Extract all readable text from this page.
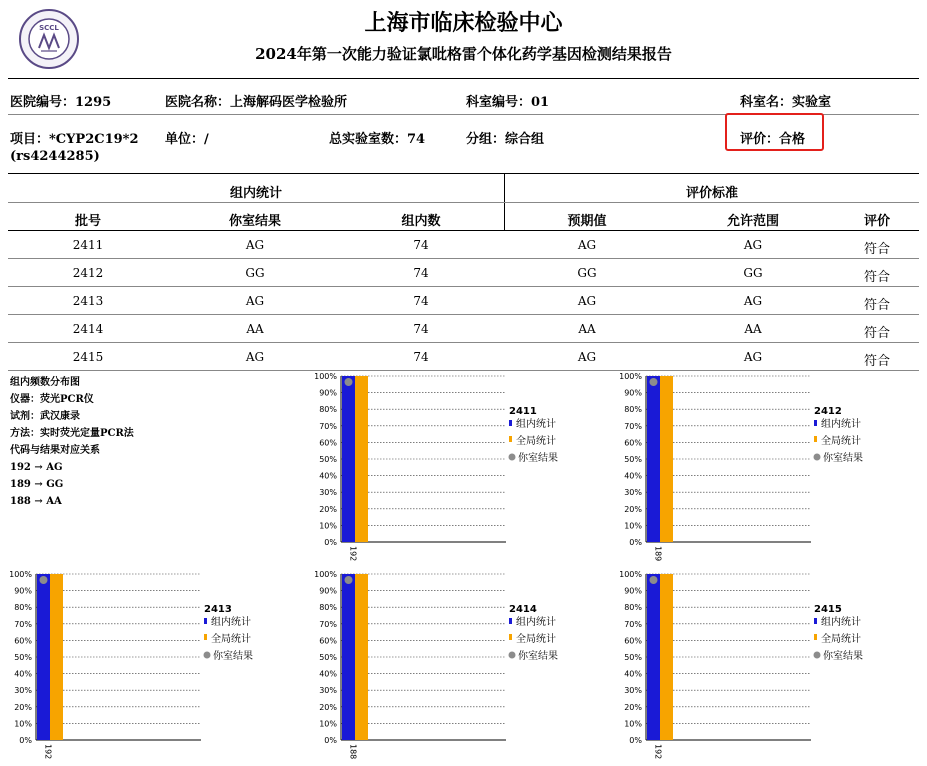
SCCL	上海市临床检验中心
2024年第一次能力验证氯吡格雷个体化药学基因检测结果报告
医院编号：1295	医院名称：上海解码医学检验所	科室编号：01	科室名：实验室
项目：*CYP2C19*2
(rs4244285)
单位：/	总实验室数：74	分组：综合组	评价：合格
组内统计	评价标准
批号	你室结果	组内数	预期值	允许范围	评价
2411	AG	74	AG	AG	符合
2412	GG	74	GG	GG	符合
2413	AG	74	AG	AG	符合
2414	AA	74	AA	AA	符合
2415	AG	74	AG	AG	符合
组内频数分布图
仪器：荧光PCR仪
试剂：武汉康录
方法：实时荧光定量PCR法
代码与结果对应关系
192 → AG
189 → GG
188 → AA
0%
10%
20%
30%
40%
50%
60%
70%
80%
90%
100%
192
2411
组内统计
全局统计
你室结果
0%
10%
20%
30%
40%
50%
60%
70%
80%
90%
100%
189
2412
组内统计
全局统计
你室结果
0%
10%
20%
30%
40%
50%
60%
70%
80%
90%
100%
192
2413
组内统计
全局统计
你室结果
0%
10%
20%
30%
40%
50%
60%
70%
80%
90%
100%
188
2414
组内统计
全局统计
你室结果
0%
10%
20%
30%
40%
50%
60%
70%
80%
90%
100%
192
2415
组内统计
全局统计
你室结果
